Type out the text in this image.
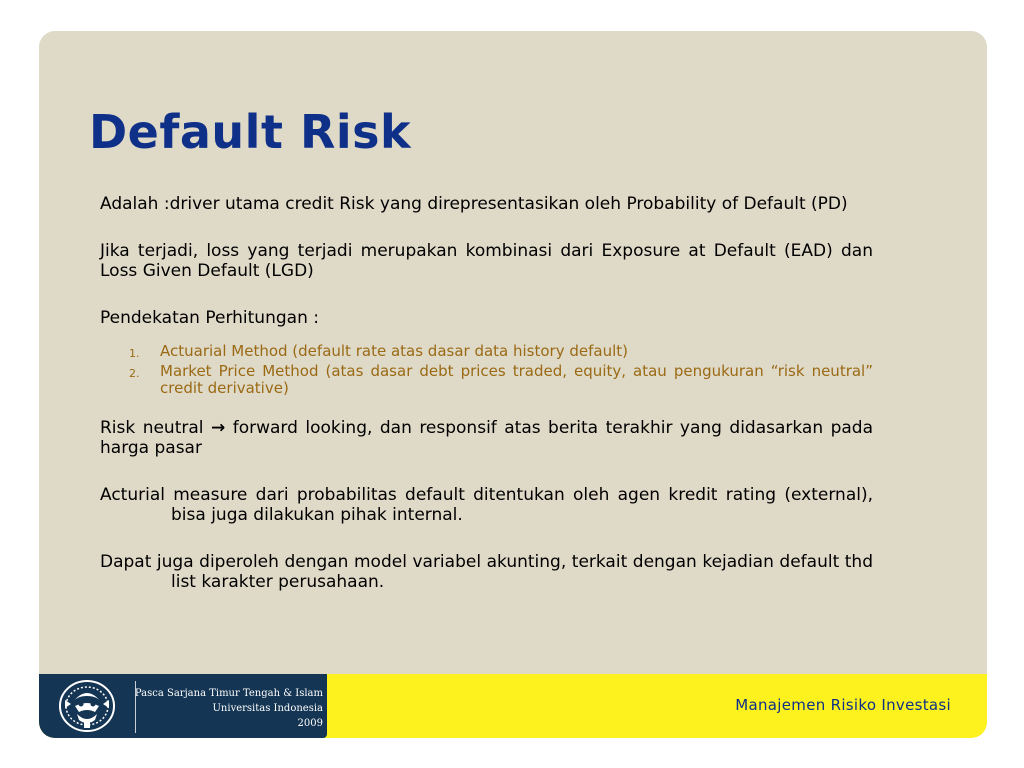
Default Risk

Adalah :driver utama credit Risk yang direpresentasikan oleh Probability of Default (PD)

Jika terjadi, loss yang terjadi merupakan kombinasi dari Exposure at Default (EAD) dan Loss Given Default (LGD)

Pendekatan Perhitungan :

1. Actuarial Method (default rate atas dasar data history default)
2. Market Price Method (atas dasar debt prices traded, equity, atau pengukuran “risk neutral” credit derivative)

Risk neutral → forward looking, dan responsif atas berita terakhir yang didasarkan pada harga pasar

Acturial measure dari probabilitas default ditentukan oleh agen kredit rating (external), bisa juga dilakukan pihak internal.

Dapat juga diperoleh dengan model variabel akunting, terkait dengan kejadian default thd list karakter perusahaan.

Pasca Sarjana Timur Tengah & Islam
Universitas Indonesia
2009
Manajemen Risiko Investasi
